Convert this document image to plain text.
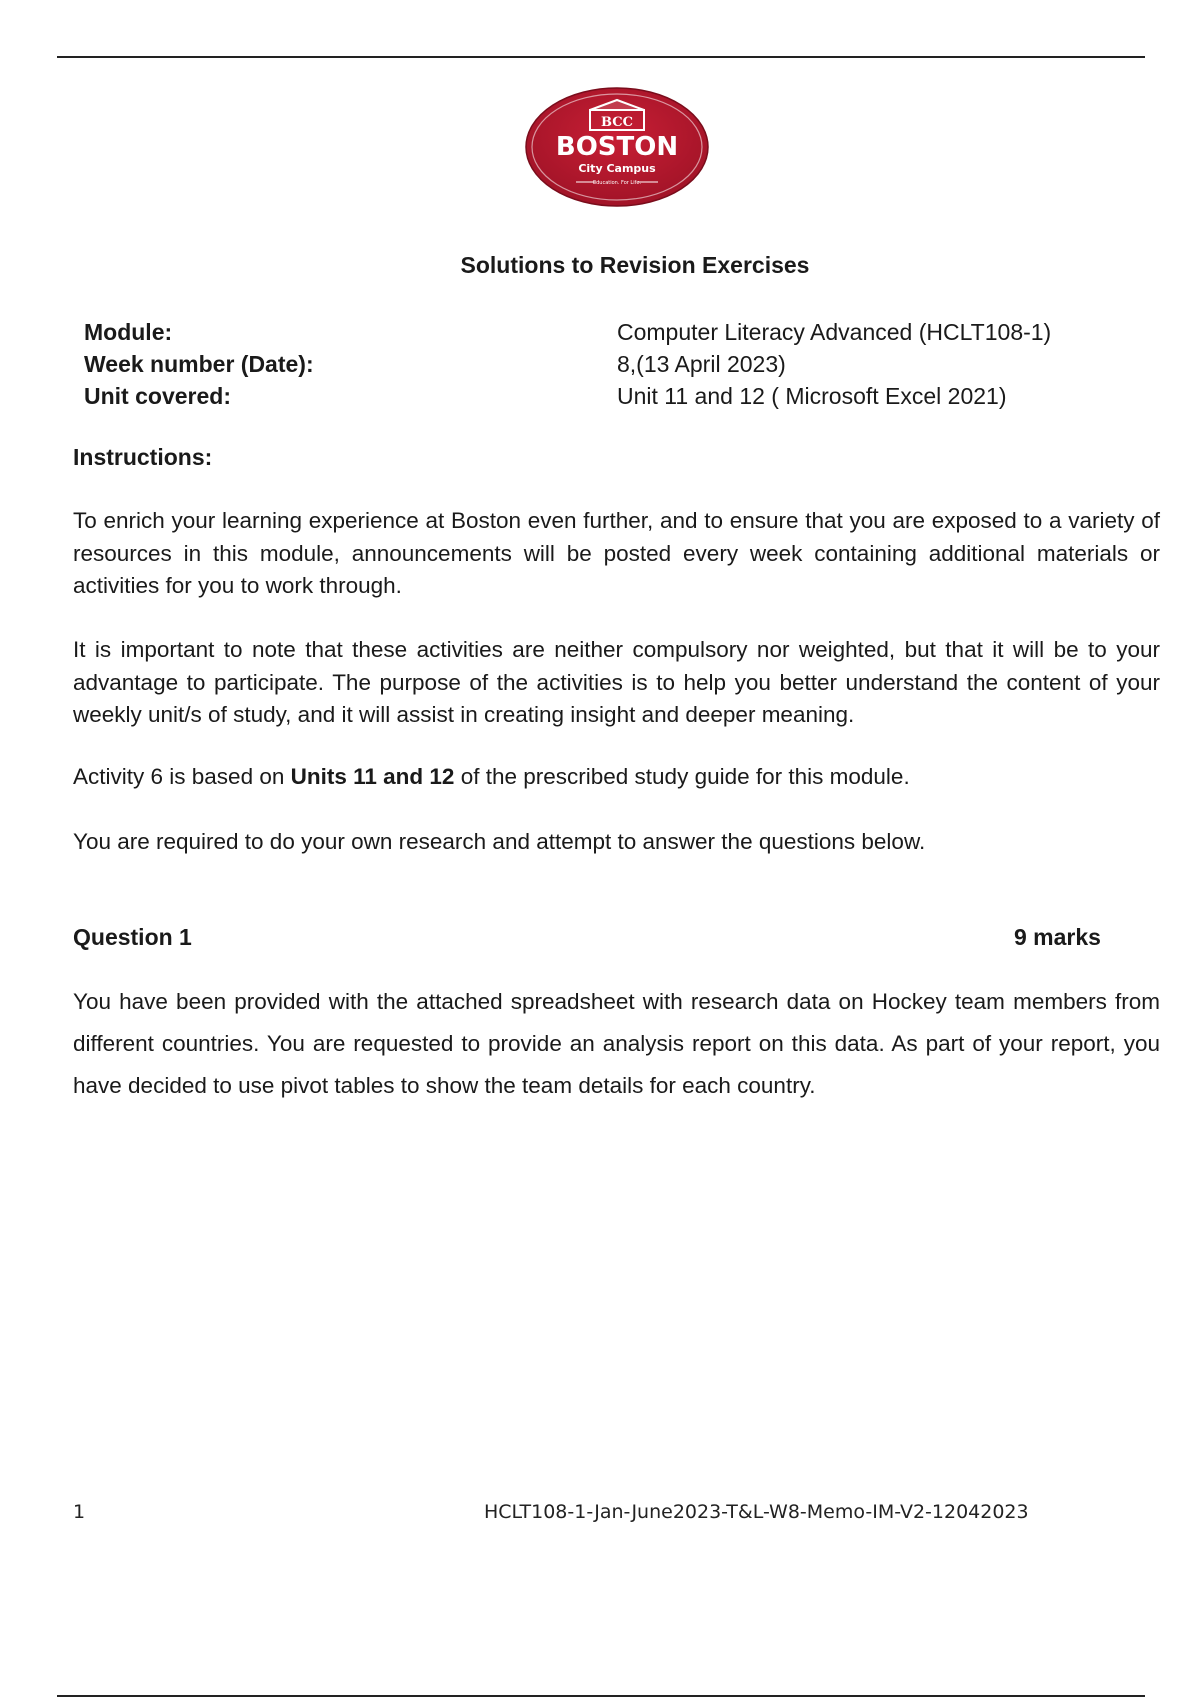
BCC
BOSTON
City Campus
Education. For Life.
Solutions to Revision Exercises
Module:	Computer Literacy Advanced (HCLT108-1)
Week number (Date):	8,(13 April 2023)
Unit covered:	Unit 11 and 12 ( Microsoft Excel 2021)
Instructions:

To enrich your learning experience at Boston even further, and to ensure that you are exposed to a variety of resources in this module, announcements will be posted every week containing additional materials or activities for you to work through.

It is important to note that these activities are neither compulsory nor weighted, but that it will be to your advantage to participate. The purpose of the activities is to help you better understand the content of your weekly unit/s of study, and it will assist in creating insight and deeper meaning.

Activity 6 is based on Units 11 and 12 of the prescribed study guide for this module.

You are required to do your own research and attempt to answer the questions below.

Question 1	9 marks

You have been provided with the attached spreadsheet with research data on Hockey team members from different countries. You are requested to provide an analysis report on this data. As part of your report, you have decided to use pivot tables to show the team details for each country.

1	HCLT108-1-Jan-June2023-T&L-W8-Memo-IM-V2-12042023
